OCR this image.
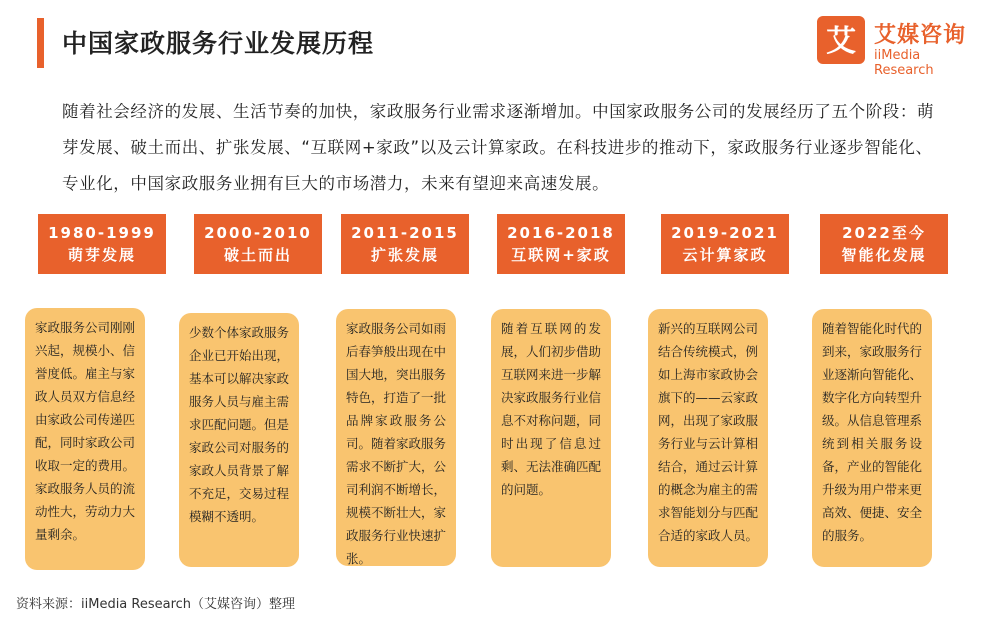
中国家政服务行业发展历程	艾 艾媒咨询
iiMedia Research

随着社会经济的发展、生活节奏的加快，家政服务行业需求逐渐增加。中国家政服务公司的发展经历了五个阶段：萌芽发展、破土而出、扩张发展、“互联网+家政”以及云计算家政。在科技进步的推动下，家政服务行业逐步智能化、专业化，中国家政服务业拥有巨大的市场潜力，未来有望迎来高速发展。

1980-1999
萌芽发展
2000-2010
破土而出
2011-2015
扩张发展
2016-2018
互联网+家政
2019-2021
云计算家政
2022至今
智能化发展
家政服务公司刚刚兴起，规模小、信誉度低。雇主与家政人员双方信息经由家政公司传递匹配，同时家政公司收取一定的费用。家政服务人员的流动性大，劳动力大量剩余。
少数个体家政服务企业已开始出现，基本可以解决家政服务人员与雇主需求匹配问题。但是家政公司对服务的家政人员背景了解不充足，交易过程模糊不透明。
家政服务公司如雨后春笋般出现在中国大地，突出服务特色，打造了一批品牌家政服务公司。随着家政服务需求不断扩大，公司利润不断增长，规模不断壮大，家政服务行业快速扩张。
随着互联网的发展，人们初步借助互联网来进一步解决家政服务行业信息不对称问题，同时出现了信息过剩、无法准确匹配的问题。
新兴的互联网公司结合传统模式，例如上海市家政协会旗下的——云家政网，出现了家政服务行业与云计算相结合，通过云计算的概念为雇主的需求智能划分与匹配合适的家政人员。
随着智能化时代的到来，家政服务行业逐渐向智能化、数字化方向转型升级。从信息管理系统到相关服务设备，产业的智能化升级为用户带来更高效、便捷、安全的服务。
资料来源：iiMedia Research（艾媒咨询）整理
